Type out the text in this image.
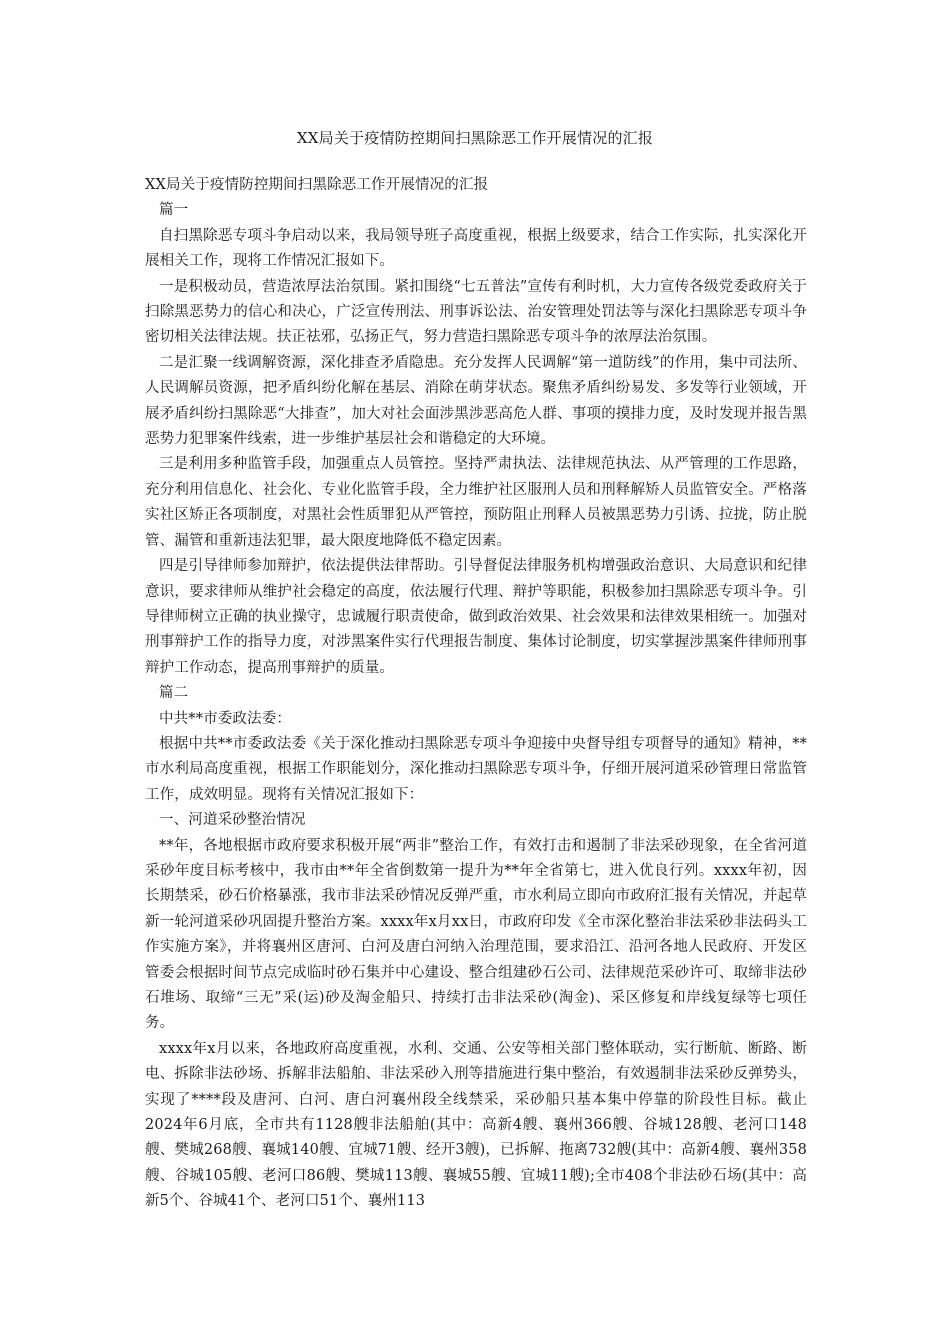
XX局关于疫情防控期间扫黑除恶工作开展情况的汇报

XX局关于疫情防控期间扫黑除恶工作开展情况的汇报

篇一

自扫黑除恶专项斗争启动以来，我局领导班子高度重视，根据上级要求，结合工作实际，扎实深化开展相关工作，现将工作情况汇报如下。

一是积极动员，营造浓厚法治氛围。紧扣围绕“七五普法”宣传有利时机，大力宣传各级党委政府关于扫除黑恶势力的信心和决心，广泛宣传刑法、刑事诉讼法、治安管理处罚法等与深化扫黑除恶专项斗争密切相关法律法规。扶正祛邪，弘扬正气，努力营造扫黑除恶专项斗争的浓厚法治氛围。

二是汇聚一线调解资源，深化排查矛盾隐患。充分发挥人民调解“第一道防线”的作用，集中司法所、人民调解员资源，把矛盾纠纷化解在基层、消除在萌芽状态。聚焦矛盾纠纷易发、多发等行业领域，开展矛盾纠纷扫黑除恶“大排查”，加大对社会面涉黑涉恶高危人群、事项的摸排力度，及时发现并报告黑恶势力犯罪案件线索，进一步维护基层社会和谐稳定的大环境。

三是利用多种监管手段，加强重点人员管控。坚持严肃执法、法律规范执法、从严管理的工作思路，充分利用信息化、社会化、专业化监管手段，全力维护社区服刑人员和刑释解矫人员监管安全。严格落实社区矫正各项制度，对黑社会性质罪犯从严管控，预防阻止刑释人员被黑恶势力引诱、拉拢，防止脱管、漏管和重新违法犯罪，最大限度地降低不稳定因素。

四是引导律师参加辩护，依法提供法律帮助。引导督促法律服务机构增强政治意识、大局意识和纪律意识，要求律师从维护社会稳定的高度，依法履行代理、辩护等职能，积极参加扫黑除恶专项斗争。引导律师树立正确的执业操守，忠诚履行职责使命，做到政治效果、社会效果和法律效果相统一。加强对刑事辩护工作的指导力度，对涉黑案件实行代理报告制度、集体讨论制度，切实掌握涉黑案件律师刑事辩护工作动态，提高刑事辩护的质量。

篇二

中共**市委政法委：

根据中共**市委政法委《关于深化推动扫黑除恶专项斗争迎接中央督导组专项督导的通知》精神，**市水利局高度重视，根据工作职能划分，深化推动扫黑除恶专项斗争，仔细开展河道采砂管理日常监管工作，成效明显。现将有关情况汇报如下：

一、河道采砂整治情况

**年，各地根据市政府要求积极开展“两非”整治工作，有效打击和遏制了非法采砂现象，在全省河道采砂年度目标考核中，我市由**年全省倒数第一提升为**年全省第七，进入优良行列。xxxx年初，因长期禁采，砂石价格暴涨，我市非法采砂情况反弹严重，市水利局立即向市政府汇报有关情况，并起草新一轮河道采砂巩固提升整治方案。xxxx年x月xx日，市政府印发《全市深化整治非法采砂非法码头工作实施方案》，并将襄州区唐河、白河及唐白河纳入治理范围，要求沿江、沿河各地人民政府、开发区管委会根据时间节点完成临时砂石集并中心建设、整合组建砂石公司、法律规范采砂许可、取缔非法砂石堆场、取缔“三无”采(运)砂及淘金船只、持续打击非法采砂(淘金)、采区修复和岸线复绿等七项任务。

xxxx年x月以来，各地政府高度重视，水利、交通、公安等相关部门整体联动，实行断航、断路、断电、拆除非法砂场、拆解非法船舶、非法采砂入刑等措施进行集中整治，有效遏制非法采砂反弹势头，实现了****段及唐河、白河、唐白河襄州段全线禁采，采砂船只基本集中停靠的阶段性目标。截止2024年6月底，全市共有1128艘非法船舶(其中：高新4艘、襄州366艘、谷城128艘、老河口148艘、樊城268艘、襄城140艘、宜城71艘、经开3艘)，已拆解、拖离732艘(其中：高新4艘、襄州358艘、谷城105艘、老河口86艘、樊城113艘、襄城55艘、宜城11艘);全市408个非法砂石场(其中：高新5个、谷城41个、老河口51个、襄州113
